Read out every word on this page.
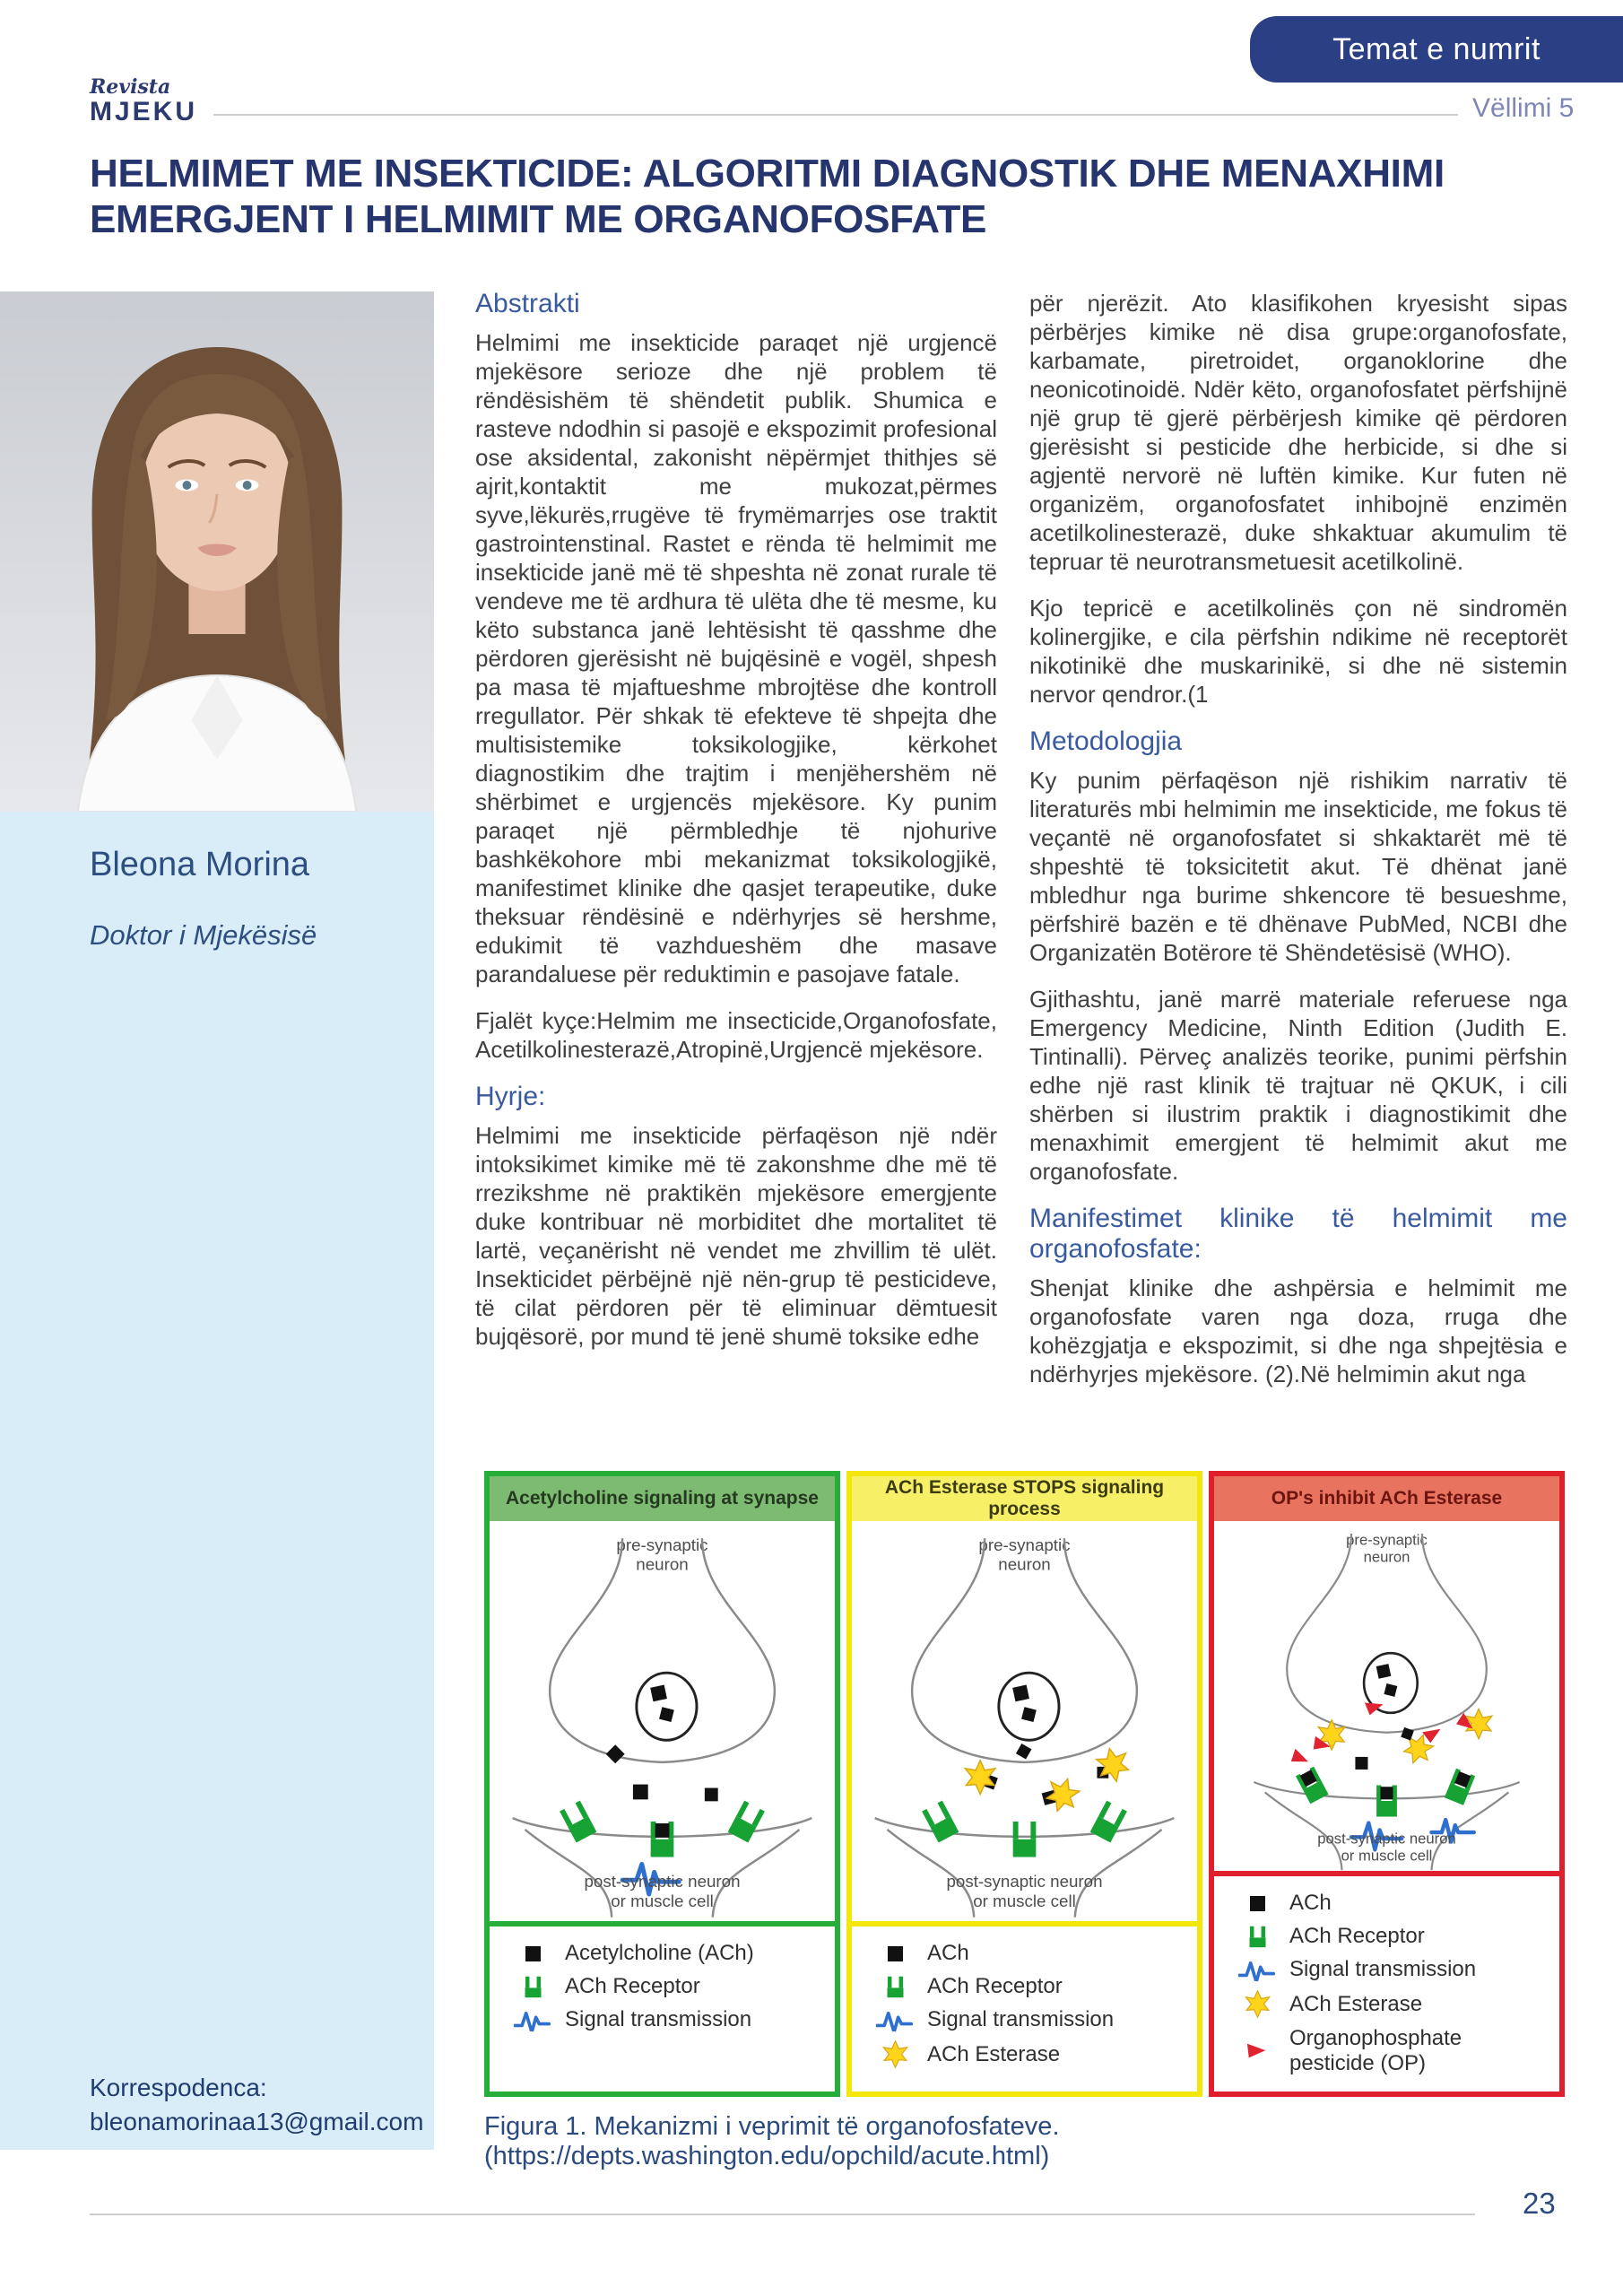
Temat e numrit
Revista
MJEKU	Vëllimi 5
HELMIMET ME INSEKTICIDE: ALGORITMI DIAGNOSTIK DHE MENAXHIMI EMERGJENT I HELMIMIT ME ORGANOFOSFATE
Bleona Morina
Doktor i Mjekësisë
Korrespodenca:
bleonamorinaa13@gmail.com
Abstrakti

Helmimi me insekticide paraqet një urgjencë mjekësore serioze dhe një problem të rëndësishëm të shëndetit publik. Shumica e rasteve ndodhin si pasojë e ekspozimit profesional ose aksidental, zakonisht nëpërmjet thithjes së ajrit,kontaktit me mukozat,përmes syve,lëkurës,rrugëve të frymëmarrjes ose traktit gastrointenstinal. Rastet e rënda të helmimit me insekticide janë më të shpeshta në zonat rurale të vendeve me të ardhura të ulëta dhe të mesme, ku këto substanca janë lehtësisht të qasshme dhe përdoren gjerësisht në bujqësinë e vogël, shpesh pa masa të mjaftueshme mbrojtëse dhe kontroll rregullator. Për shkak të efekteve të shpejta dhe multisistemike toksikologjike, kërkohet diagnostikim dhe trajtim i menjëhershëm në shërbimet e urgjencës mjekësore. Ky punim paraqet një përmbledhje të njohurive bashkëkohore mbi mekanizmat toksikologjikë, manifestimet klinike dhe qasjet terapeutike, duke theksuar rëndësinë e ndërhyrjes së hershme, edukimit të vazhdueshëm dhe masave parandaluese për reduktimin e pasojave fatale.

Fjalët kyçe:Helmim me insecticide,Organofosfate, Acetilkolinesterazë,Atropinë,Urgjencë mjekësore.

Hyrje:

Helmimi me insekticide përfaqëson një ndër intoksikimet kimike më të zakonshme dhe më të rrezikshme në praktikën mjekësore emergjente duke kontribuar në morbiditet dhe mortalitet të lartë, veçanërisht në vendet me zhvillim të ulët. Insekticidet përbëjnë një nën-grup të pesticideve, të cilat përdoren për të eliminuar dëmtuesit bujqësorë, por mund të jenë shumë toksike edhe

për njerëzit. Ato klasifikohen kryesisht sipas përbërjes kimike në disa grupe:organofosfate, karbamate, piretroidet, organoklorine dhe neonicotinoidë. Ndër këto, organofosfatet përfshijnë një grup të gjerë përbërjesh kimike që përdoren gjerësisht si pesticide dhe herbicide, si dhe si agjentë nervorë në luftën kimike. Kur futen në organizëm, organofosfatet inhibojnë enzimën acetilkolinesterazë, duke shkaktuar akumulim të tepruar të neurotransmetuesit acetilkolinë.

Kjo tepricë e acetilkolinës çon në sindromën kolinergjike, e cila përfshin ndikime në receptorët nikotinikë dhe muskarinikë, si dhe në sistemin nervor qendror.(1

Metodologjia

Ky punim përfaqëson një rishikim narrativ të literaturës mbi helmimin me insekticide, me fokus të veçantë në organofosfatet si shkaktarët më të shpeshtë të toksicitetit akut. Të dhënat janë mbledhur nga burime shkencore të besueshme, përfshirë bazën e të dhënave PubMed, NCBI dhe Organizatën Botërore të Shëndetësisë (WHO).

Gjithashtu, janë marrë materiale referuese nga Emergency Medicine, Ninth Edition (Judith E. Tintinalli). Përveç analizës teorike, punimi përfshin edhe një rast klinik të trajtuar në QKUK, i cili shërben si ilustrim praktik i diagnostikimit dhe menaxhimit emergjent të helmimit akut me organofosfate.

Manifestimet klinike të helmimit me organofosfate:

Shenjat klinike dhe ashpërsia e helmimit me organofosfate varen nga doza, rruga dhe kohëzgjatja e ekspozimit, si dhe nga shpejtësia e ndërhyrjes mjekësore. (2).Në helmimin akut nga

Acetylcholine signaling at synapse
pre-synaptic
neuron
post-synaptic neuron
or muscle cell
Acetylcholine (ACh)
ACh Receptor
Signal transmission
ACh Esterase STOPS signaling process
pre-synaptic
neuron
post-synaptic neuron
or muscle cell
ACh
ACh Receptor
Signal transmission
ACh Esterase
OP's inhibit ACh Esterase
pre-synaptic
neuron
post-synaptic neuron
or muscle cell
ACh
ACh Receptor
Signal transmission
ACh Esterase
Organophosphate pesticide (OP)
Figura 1. Mekanizmi i veprimit të organofosfateve. (https://depts.washington.edu/opchild/acute.html)
23
